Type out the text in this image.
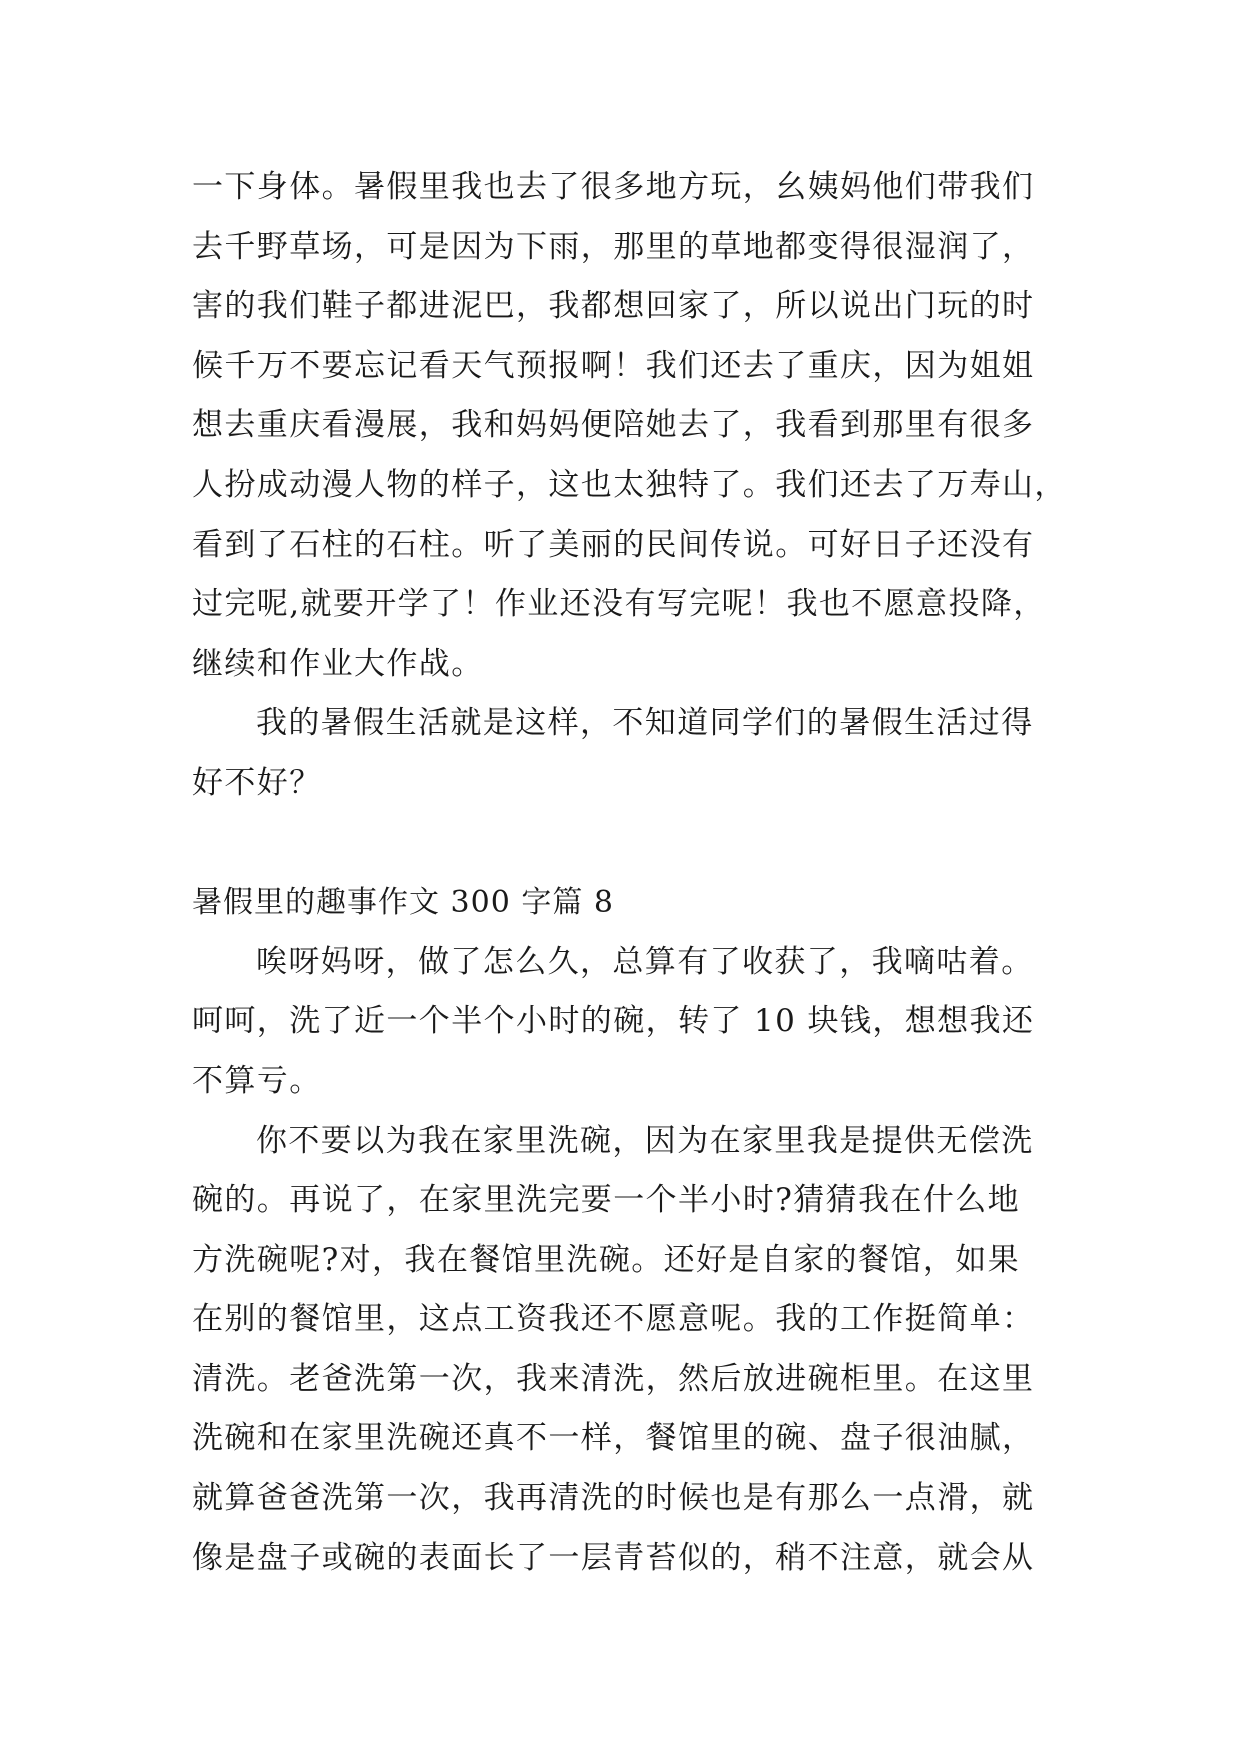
一下身体。暑假里我也去了很多地方玩，幺姨妈他们带我们
去千野草场，可是因为下雨，那里的草地都变得很湿润了，
害的我们鞋子都进泥巴，我都想回家了，所以说出门玩的时
候千万不要忘记看天气预报啊！我们还去了重庆，因为姐姐
想去重庆看漫展，我和妈妈便陪她去了，我看到那里有很多
人扮成动漫人物的样子，这也太独特了。我们还去了万寿山，
看到了石柱的石柱。听了美丽的民间传说。可好日子还没有
过完呢,就要开学了！作业还没有写完呢！我也不愿意投降，
继续和作业大作战。
我的暑假生活就是这样，不知道同学们的暑假生活过得
好不好？
暑假里的趣事作文 300 字篇 8
唉呀妈呀，做了怎么久，总算有了收获了，我嘀咕着。
呵呵，洗了近一个半个小时的碗，转了 10 块钱，想想我还
不算亏。
你不要以为我在家里洗碗，因为在家里我是提供无偿洗
碗的。再说了，在家里洗完要一个半小时?猜猜我在什么地
方洗碗呢?对，我在餐馆里洗碗。还好是自家的餐馆，如果
在别的餐馆里，这点工资我还不愿意呢。我的工作挺简单：
清洗。老爸洗第一次，我来清洗，然后放进碗柜里。在这里
洗碗和在家里洗碗还真不一样，餐馆里的碗、盘子很油腻，
就算爸爸洗第一次，我再清洗的时候也是有那么一点滑，就
像是盘子或碗的表面长了一层青苔似的，稍不注意，就会从
